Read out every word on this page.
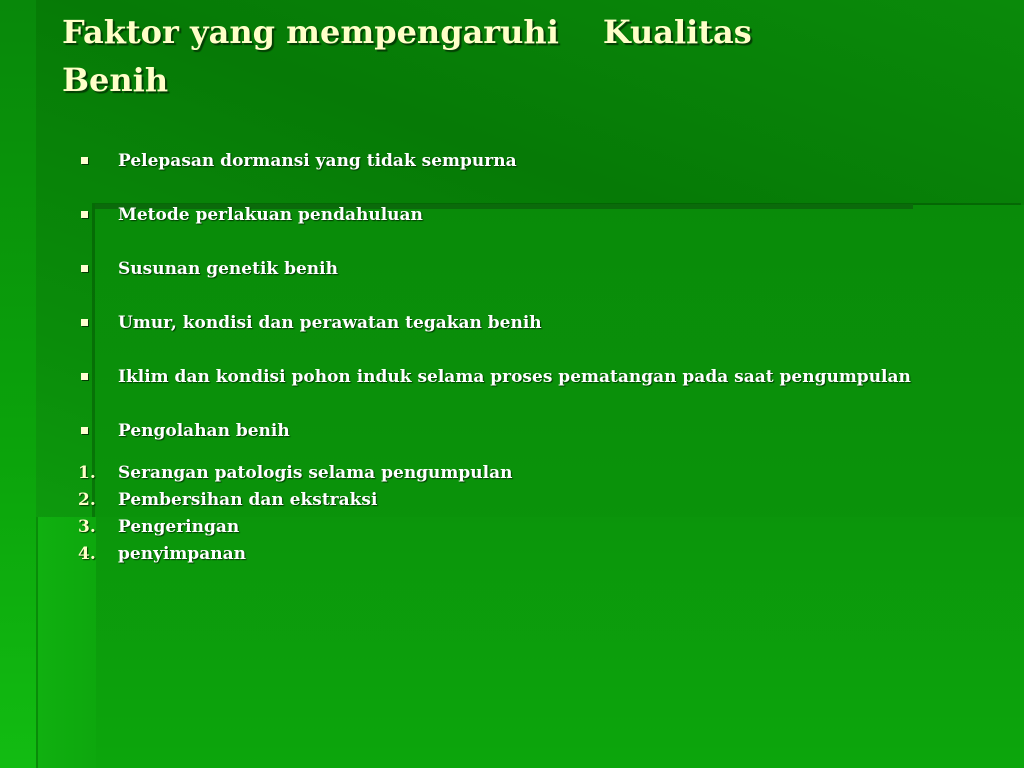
Faktor yang mempengaruhi Kualitas
Benih
Pelepasan dormansi yang tidak sempurna
Metode perlakuan pendahuluan
Susunan genetik benih
Umur, kondisi dan perawatan tegakan benih
Iklim dan kondisi pohon induk selama proses pematangan pada saat pengumpulan
Pengolahan benih
1.	Serangan patologis selama pengumpulan
2.	Pembersihan dan ekstraksi
3.	Pengeringan
4.	penyimpanan
